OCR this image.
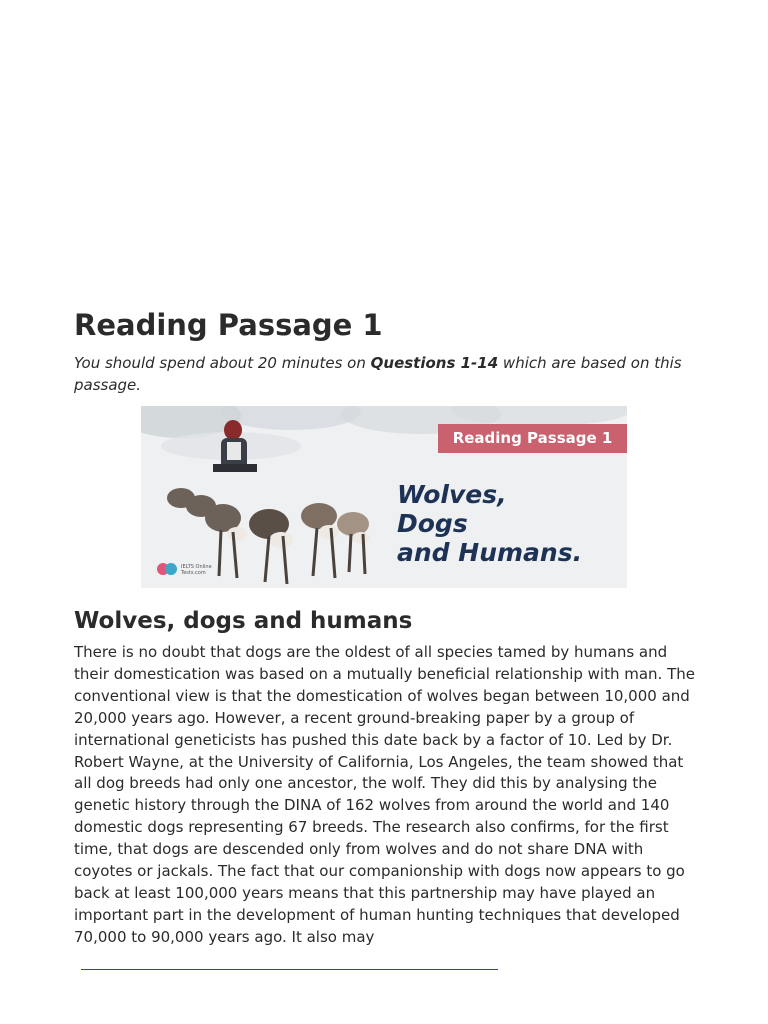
Reading Passage 1

You should spend about 20 minutes on Questions 1-14 which are based on this passage.

IELTS Online
Tests.com
Reading Passage 1
Wolves,
Dogs
and Humans.
Wolves, dogs and humans

There is no doubt that dogs are the oldest of all species tamed by humans and their domestication was based on a mutually beneficial relationship with man. The conventional view is that the domestication of wolves began between 10,000 and 20,000 years ago. However, a recent ground-breaking paper by a group of international geneticists has pushed this date back by a factor of 10. Led by Dr. Robert Wayne, at the University of California, Los Angeles, the team showed that all dog breeds had only one ancestor, the wolf. They did this by analysing the genetic history through the DINA of 162 wolves from around the world and 140 domestic dogs representing 67 breeds. The research also confirms, for the first time, that dogs are descended only from wolves and do not share DNA with coyotes or jackals. The fact that our companionship with dogs now appears to go back at least 100,000 years means that this partnership may have played an important part in the development of human hunting techniques that developed 70,000 to 90,000 years ago. It also may
